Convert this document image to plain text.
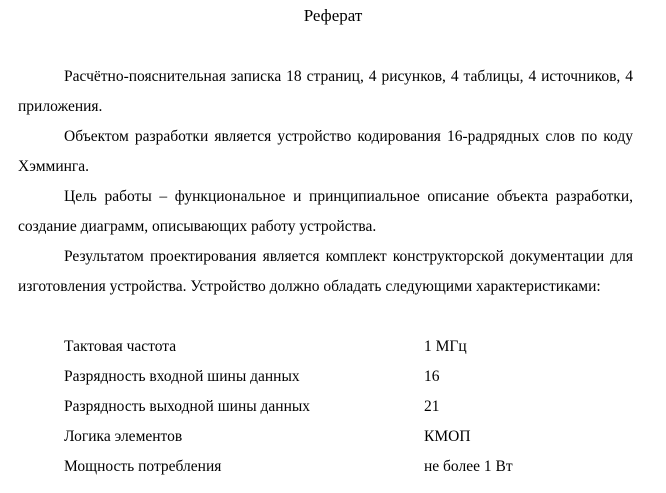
Реферат

Расчётно-пояснительная записка 18 страниц, 4 рисунков, 4 таблицы, 4 источников, 4 приложения.

Объектом разработки является устройство кодирования 16-радрядных слов по коду Хэмминга.

Цель работы – функциональное и принципиальное описание объекта разработки, создание диаграмм, описывающих работу устройства.

Результатом проектирования является комплект конструкторской документации для изготовления устройства. Устройство должно обладать следующими характеристиками:

Тактовая частота	1 МГц
Разрядность входной шины данных	16
Разрядность выходной шины данных	21
Логика элементов	КМОП
Мощность потребления	не более 1 Вт
